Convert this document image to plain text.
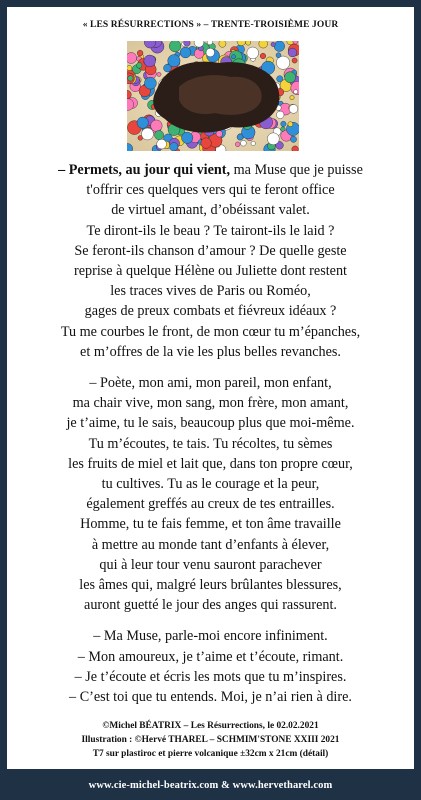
« LES RÉSURRECTIONS » – TRENTE-TROISIÈME JOUR

– Permets, au jour qui vient, ma Muse que je puisse
t'offrir ces quelques vers qui te feront office
de virtuel amant, d’obéissant valet.
Te diront-ils le beau ? Te tairont-ils le laid ?
Se feront-ils chanson d’amour ? De quelle geste
reprise à quelque Hélène ou Juliette dont restent
les traces vives de Paris ou Roméo,
gages de preux combats et fiévreux idéaux ?
Tu me courbes le front, de mon cœur tu m’épanches,
et m’offres de la vie les plus belles revanches.

– Poète, mon ami, mon pareil, mon enfant,
ma chair vive, mon sang, mon frère, mon amant,
je t’aime, tu le sais, beaucoup plus que moi-même.
Tu m’écoutes, te tais. Tu récoltes, tu sèmes
les fruits de miel et lait que, dans ton propre cœur,
tu cultives. Tu as le courage et la peur,
également greffés au creux de tes entrailles.
Homme, tu te fais femme, et ton âme travaille
à mettre au monde tant d’enfants à élever,
qui à leur tour venu sauront parachever
les âmes qui, malgré leurs brûlantes blessures,
auront guetté le jour des anges qui rassurent.

– Ma Muse, parle-moi encore infiniment.
– Mon amoureux, je t’aime et t’écoute, rimant.
– Je t’écoute et écris les mots que tu m’inspires.
– C’est toi que tu entends. Moi, je n’ai rien à dire.

©Michel BÉATRIX – Les Résurrections, le 02.02.2021
Illustration : ©Hervé THAREL – SCHMIM'STONE XXIII 2021
T7 sur plastiroc et pierre volcanique ±32cm x 21cm (détail)
www.cie-michel-beatrix.com & www.hervetharel.com
